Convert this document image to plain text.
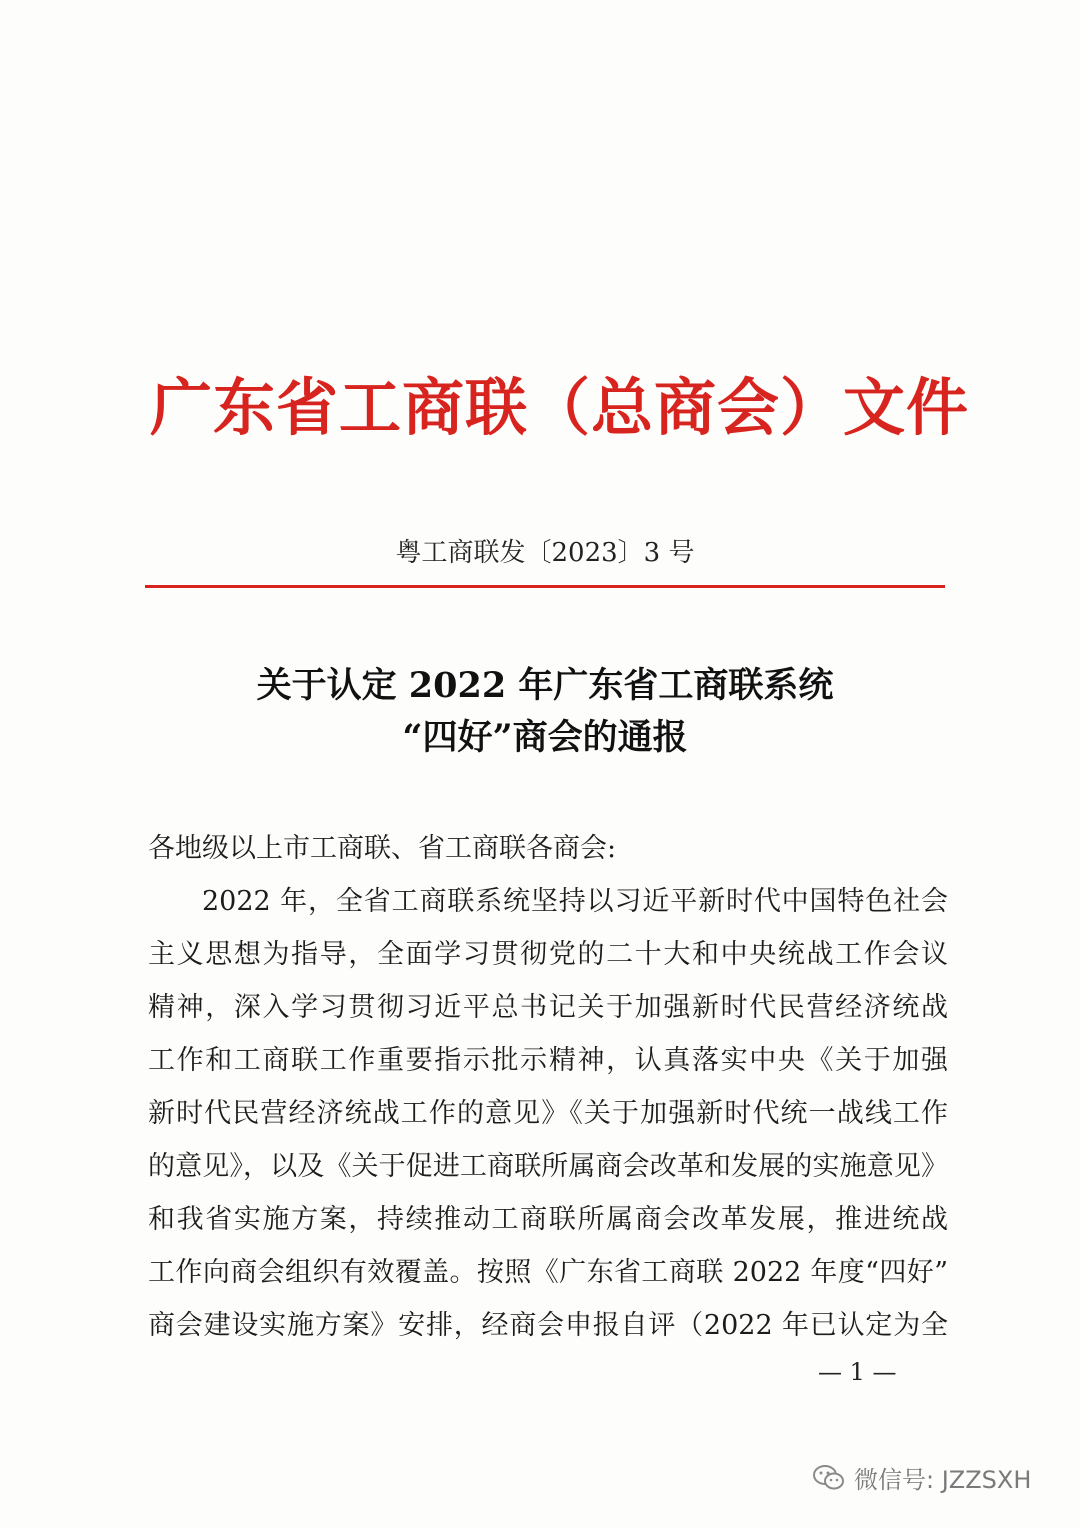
广东省工商联（总商会）文件
粤工商联发〔2023〕3 号
关于认定 2022 年广东省工商联系统
“四好”商会的通报
各地级以上市工商联、省工商联各商会:
2022 年，全省工商联系统坚持以习近平新时代中国特色社会
主义思想为指导，全面学习贯彻党的二十大和中央统战工作会议
精神，深入学习贯彻习近平总书记关于加强新时代民营经济统战
工作和工商联工作重要指示批示精神，认真落实中央《关于加强
新时代民营经济统战工作的意见》《关于加强新时代统一战线工作
的意见》，以及《关于促进工商联所属商会改革和发展的实施意见》
和我省实施方案，持续推动工商联所属商会改革发展，推进统战
工作向商会组织有效覆盖。按照《广东省工商联 2022 年度“四好”
商会建设实施方案》安排，经商会申报自评（2022 年已认定为全
— 1 —
微信号: JZZSXH
